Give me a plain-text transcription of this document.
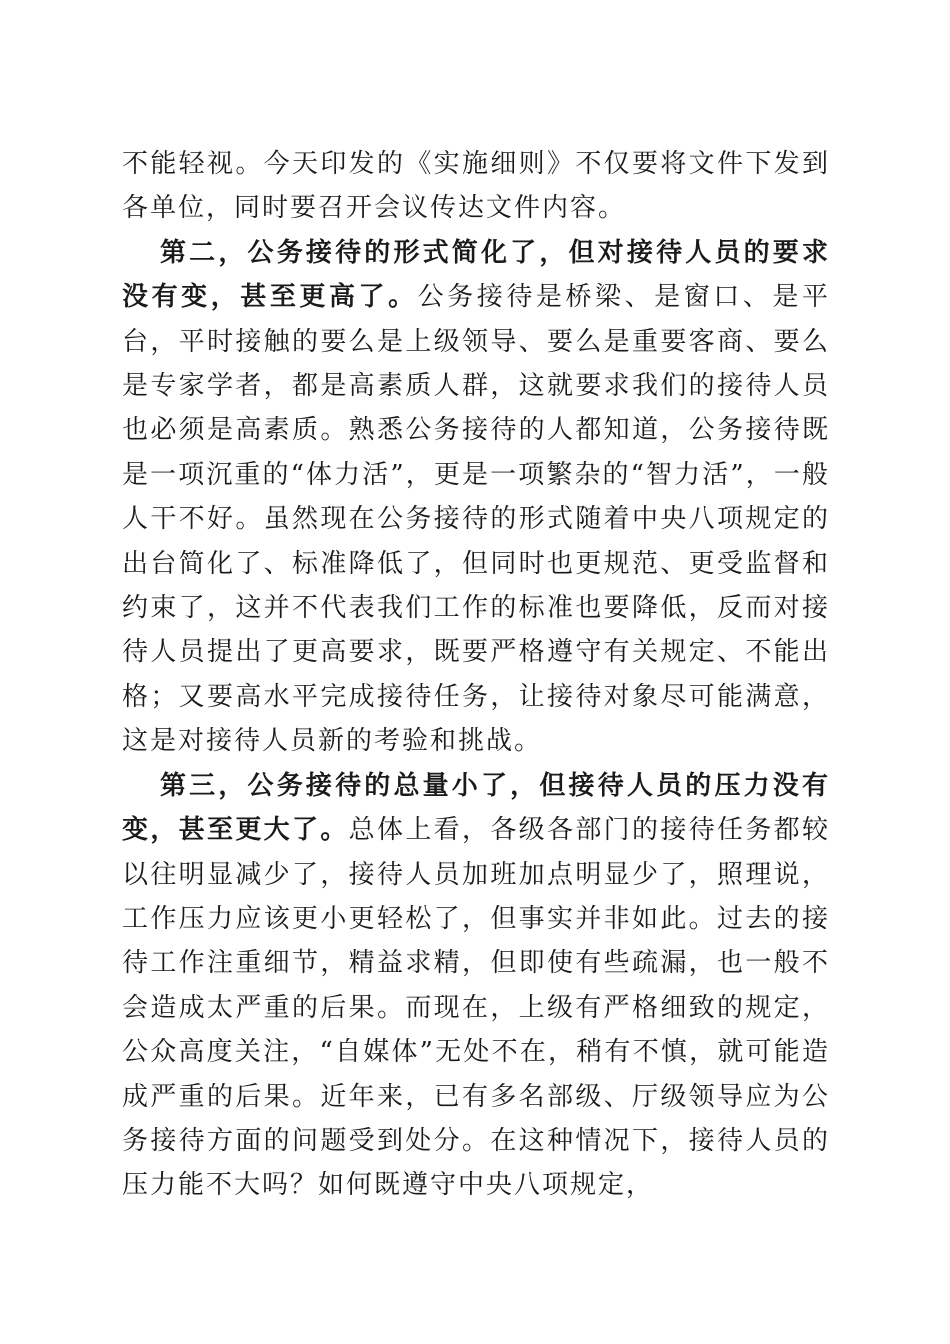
不能轻视。今天印发的《实施细则》不仅要将文件下发到各单位，同时要召开会议传达文件内容。

第二，公务接待的形式简化了，但对接待人员的要求没有变，甚至更高了。公务接待是桥梁、是窗口、是平台，平时接触的要么是上级领导、要么是重要客商、要么是专家学者，都是高素质人群，这就要求我们的接待人员也必须是高素质。熟悉公务接待的人都知道，公务接待既是一项沉重的“体力活”，更是一项繁杂的“智力活”，一般人干不好。虽然现在公务接待的形式随着中央八项规定的出台简化了、标准降低了，但同时也更规范、更受监督和约束了，这并不代表我们工作的标准也要降低，反而对接待人员提出了更高要求，既要严格遵守有关规定、不能出格；又要高水平完成接待任务，让接待对象尽可能满意，这是对接待人员新的考验和挑战。

第三，公务接待的总量小了，但接待人员的压力没有变，甚至更大了。总体上看，各级各部门的接待任务都较以往明显减少了，接待人员加班加点明显少了，照理说，工作压力应该更小更轻松了，但事实并非如此。过去的接待工作注重细节，精益求精，但即使有些疏漏，也一般不会造成太严重的后果。而现在，上级有严格细致的规定，公众高度关注，“自媒体”无处不在，稍有不慎，就可能造成严重的后果。近年来，已有多名部级、厅级领导应为公务接待方面的问题受到处分。在这种情况下，接待人员的压力能不大吗？如何既遵守中央八项规定，
